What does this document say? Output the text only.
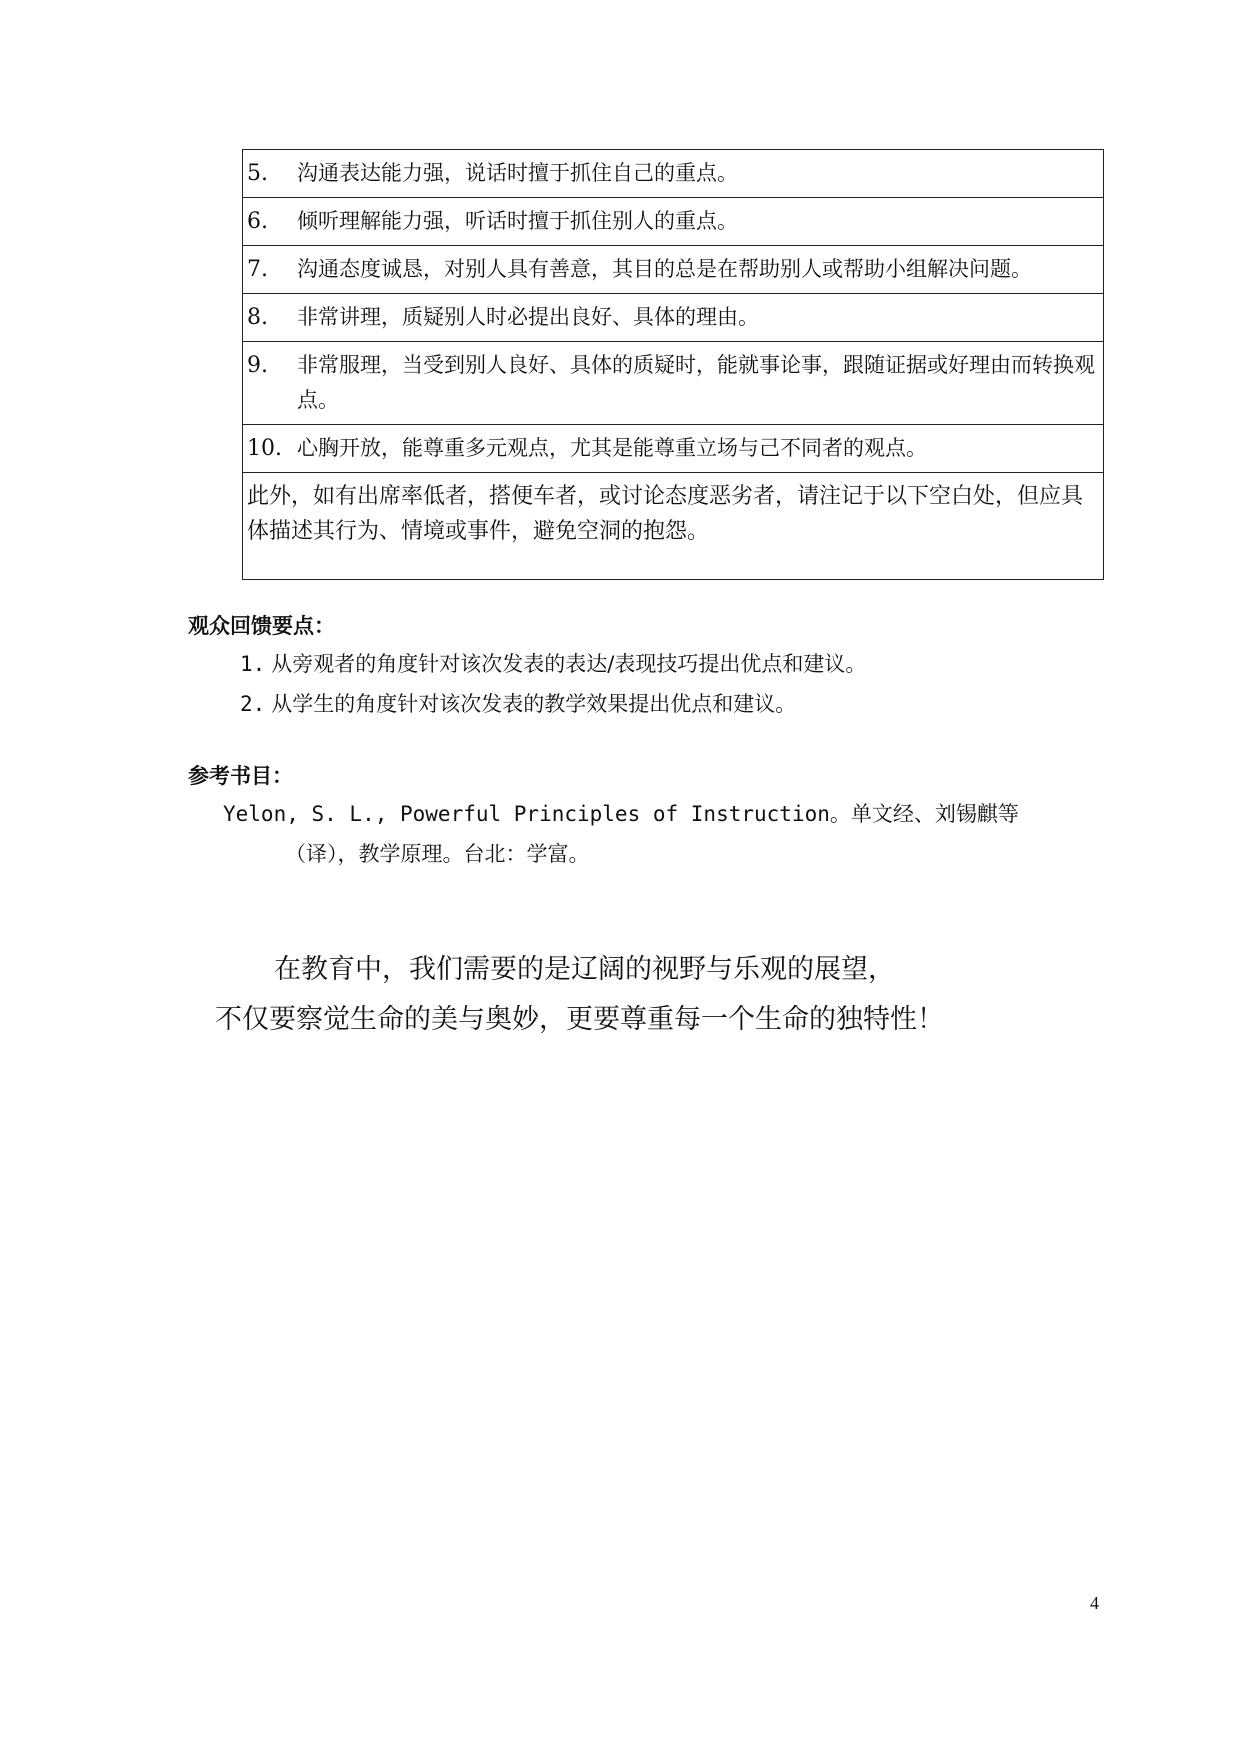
5.	沟通表达能力强，说话时擅于抓住自己的重点。

6.	倾听理解能力强，听话时擅于抓住别人的重点。

7.	沟通态度诚恳，对别人具有善意，其目的总是在帮助别人或帮助小组解决问题。

8.	非常讲理，质疑别人时必提出良好、具体的理由。

9.	非常服理，当受到别人良好、具体的质疑时，能就事论事，跟随证据或好理由而转换观点。

10. 心胸开放，能尊重多元观点，尤其是能尊重立场与己不同者的观点。

此外，如有出席率低者，搭便车者，或讨论态度恶劣者，请注记于以下空白处，但应具体描述其行为、情境或事件，避免空洞的抱怨。
观众回馈要点：
1. 从旁观者的角度针对该次发表的表达/表现技巧提出优点和建议。
2. 从学生的角度针对该次发表的教学效果提出优点和建议。
参考书目：
Yelon, S. L., Powerful Principles of Instruction。单文经、刘锡麒等
（译），教学原理。台北：学富。
在教育中，我们需要的是辽阔的视野与乐观的展望，
不仅要察觉生命的美与奥妙，更要尊重每一个生命的独特性！
4
